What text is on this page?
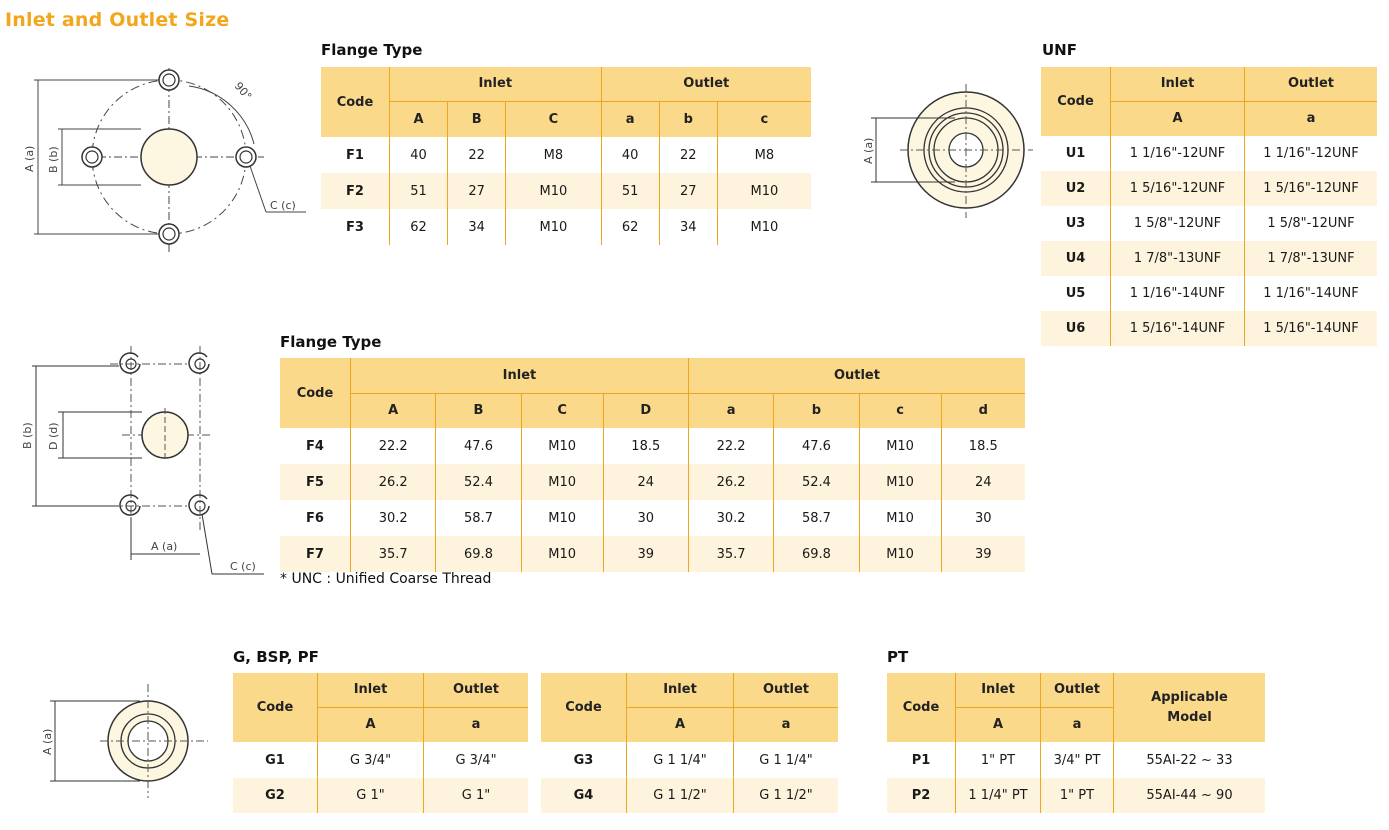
Inlet and Outlet Size
A (a) B (b)
90°
C (c)
Flange Type
Code	Inlet			Outlet		
	A	B	C	a	b	c
F1	40	22	M8	40	22	M8
F2	51	27	M10	51	27	M10
F3	62	34	M10	62	34	M10
A (a)
UNF
Code	Inlet	Outlet
	A	a
U1	1 1/16"-12UNF	1 1/16"-12UNF
U2	1 5/16"-12UNF	1 5/16"-12UNF
U3	1 5/8"-12UNF	1 5/8"-12UNF
U4	1 7/8"-13UNF	1 7/8"-13UNF
U5	1 1/16"-14UNF	1 1/16"-14UNF
U6	1 5/16"-14UNF	1 5/16"-14UNF
B (b) D (d)
A (a)
C (c)
Flange Type
Code	Inlet				Outlet			
	A	B	C	D	a	b	c	d
F4	22.2	47.6	M10	18.5	22.2	47.6	M10	18.5
F5	26.2	52.4	M10	24	26.2	52.4	M10	24
F6	30.2	58.7	M10	30	30.2	58.7	M10	30
F7	35.7	69.8	M10	39	35.7	69.8	M10	39
* UNC : Unified Coarse Thread
A (a)
G, BSP, PF
Code	Inlet	Outlet
	A	a
G1	G 3/4"	G 3/4"
G2	G 1"	G 1"
Code	Inlet	Outlet
	A	a
G3	G 1 1/4"	G 1 1/4"
G4	G 1 1/2"	G 1 1/2"
PT
Code	Inlet	Outlet	Applicable Model
	A	a	
P1	1" PT	3/4" PT	55AI-22 ~ 33
P2	1 1/4" PT	1" PT	55AI-44 ~ 90
